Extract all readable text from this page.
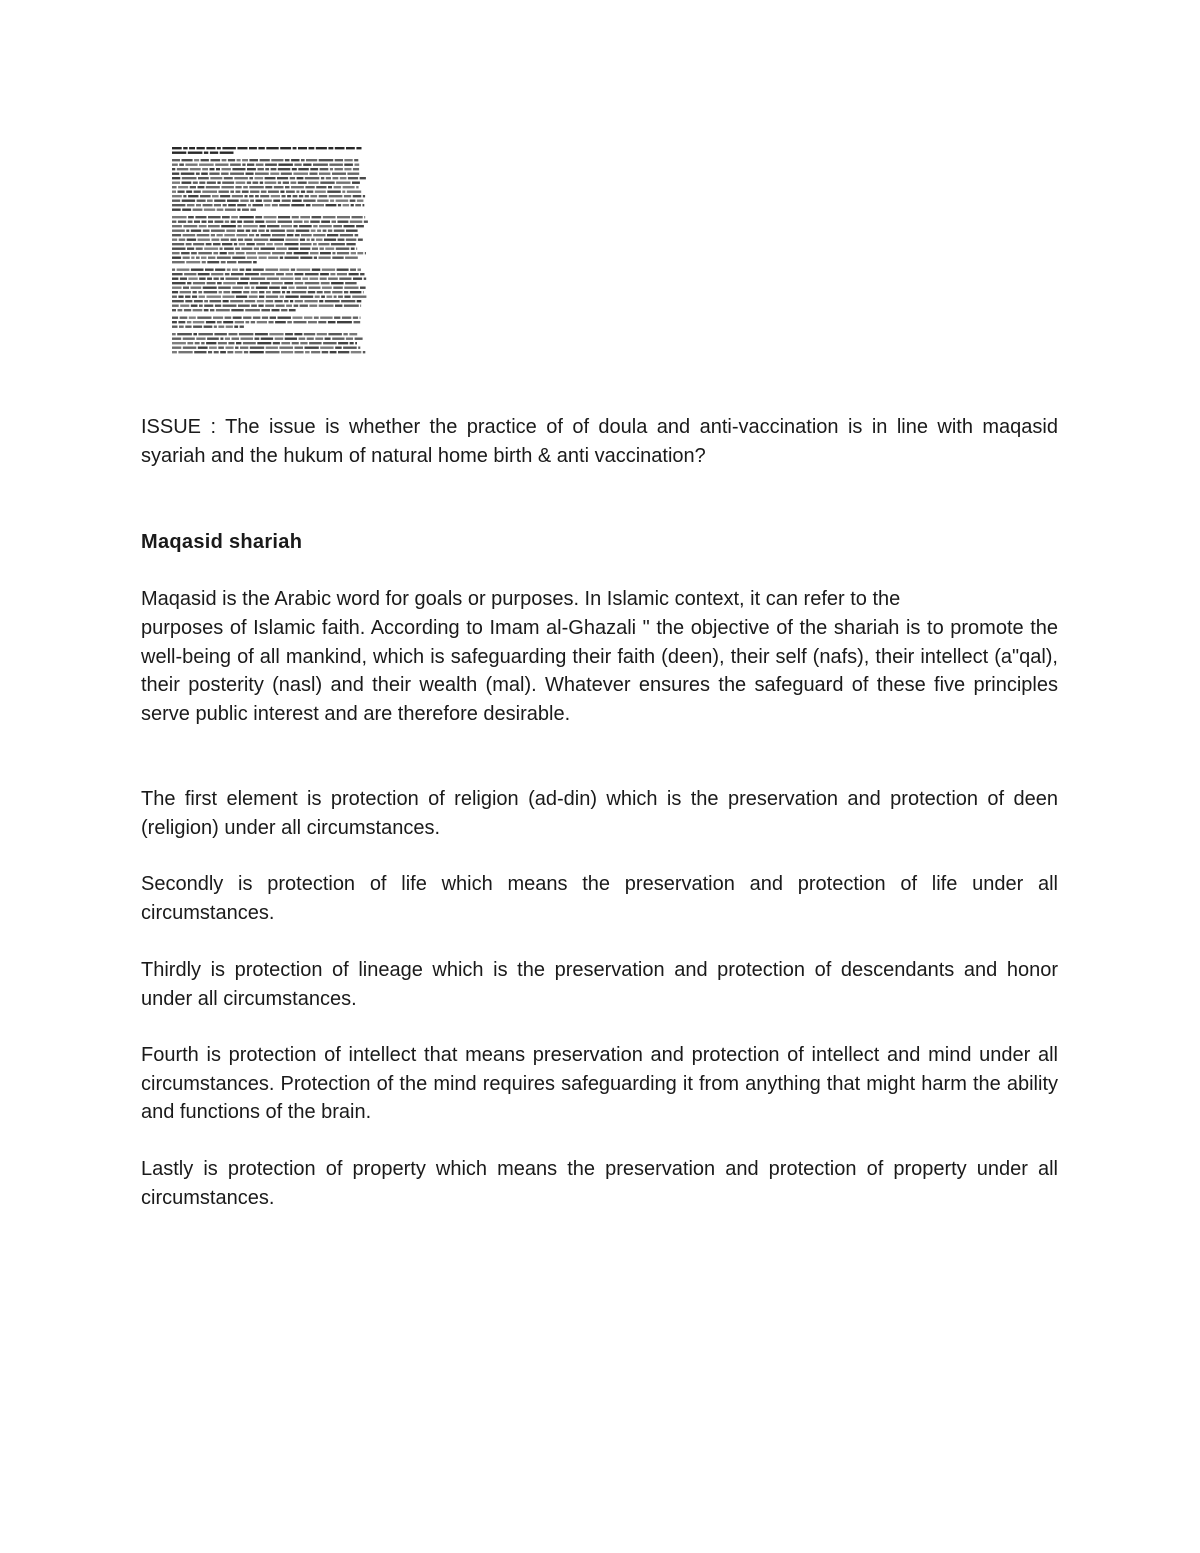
ISSUE : The issue is whether the practice of of doula and anti-vaccination is in line with maqasid syariah and the hukum of natural home birth & anti vaccination?

Maqasid shariah

Maqasid is the Arabic word for goals or purposes. In Islamic context, it can refer to the

purposes of Islamic faith. According to Imam al-Ghazali " the objective of the shariah is to promote the well-being of all mankind, which is safeguarding their faith (deen), their self (nafs), their intellect (a"qal), their posterity (nasl) and their wealth (mal). Whatever ensures the safeguard of these five principles serve public interest and are therefore desirable.

The first element is protection of religion (ad-din) which is the preservation and protection of deen (religion) under all circumstances.

Secondly is protection of life which means the preservation and protection of life under all circumstances.

Thirdly is protection of lineage which is the preservation and protection of descendants and honor under all circumstances.

Fourth is protection of intellect that means preservation and protection of intellect and mind under all circumstances. Protection of the mind requires safeguarding it from anything that might harm the ability and functions of the brain.

Lastly is protection of property which means the preservation and protection of property under all circumstances.
